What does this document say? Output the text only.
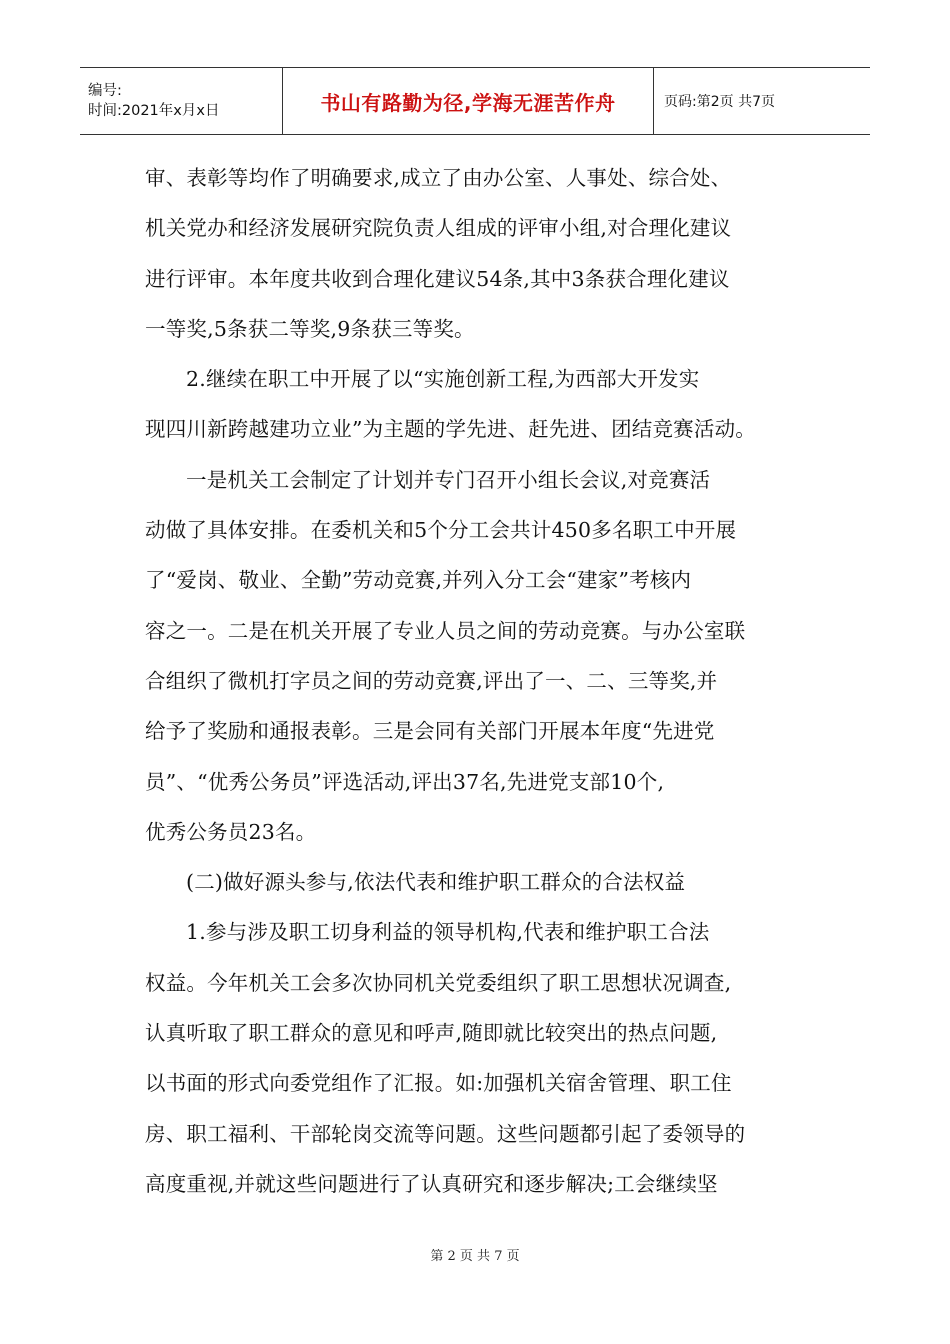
编号:
时间:2021年x月x日	书山有路勤为径,学海无涯苦作舟	页码:第2页 共7页
审、表彰等均作了明确要求,成立了由办公室、人事处、综合处、
机关党办和经济发展研究院负责人组成的评审小组,对合理化建议
进行评审。本年度共收到合理化建议54条,其中3条获合理化建议
一等奖,5条获二等奖,9条获三等奖。
2.继续在职工中开展了以“实施创新工程,为西部大开发实
现四川新跨越建功立业”为主题的学先进、赶先进、团结竞赛活动。
一是机关工会制定了计划并专门召开小组长会议,对竞赛活
动做了具体安排。在委机关和5个分工会共计450多名职工中开展
了“爱岗、敬业、全勤”劳动竞赛,并列入分工会“建家”考核内
容之一。二是在机关开展了专业人员之间的劳动竞赛。与办公室联
合组织了微机打字员之间的劳动竞赛,评出了一、二、三等奖,并
给予了奖励和通报表彰。三是会同有关部门开展本年度“先进党
员”、“优秀公务员”评选活动,评出37名,先进党支部10个,
优秀公务员23名。
(二)做好源头参与,依法代表和维护职工群众的合法权益
1.参与涉及职工切身利益的领导机构,代表和维护职工合法
权益。今年机关工会多次协同机关党委组织了职工思想状况调查,
认真听取了职工群众的意见和呼声,随即就比较突出的热点问题,
以书面的形式向委党组作了汇报。如:加强机关宿舍管理、职工住
房、职工福利、干部轮岗交流等问题。这些问题都引起了委领导的
高度重视,并就这些问题进行了认真研究和逐步解决;工会继续坚
第 2 页 共 7 页
